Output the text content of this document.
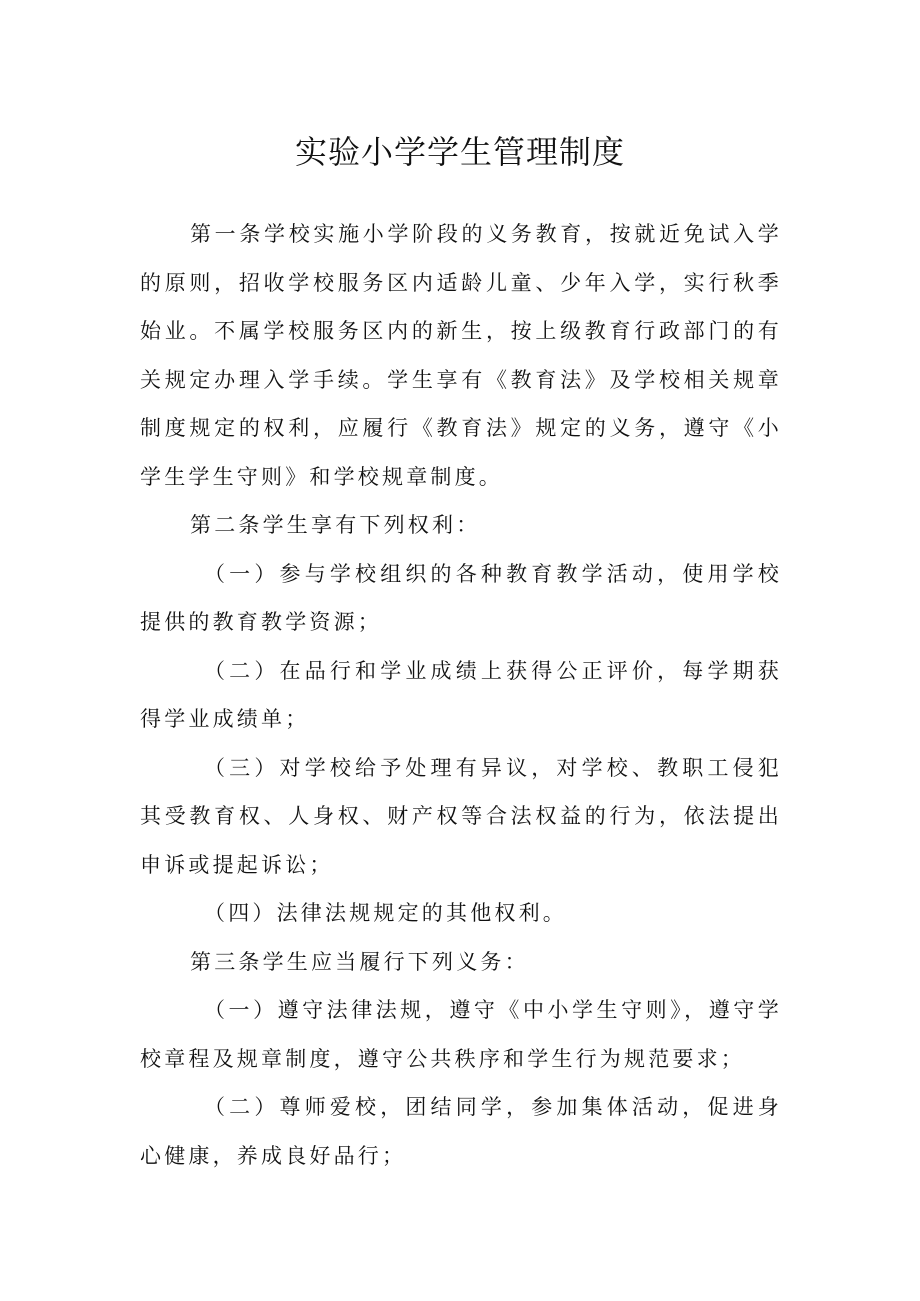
实验小学学生管理制度

第一条学校实施小学阶段的义务教育，按就近免试入学的原则，招收学校服务区内适龄儿童、少年入学，实行秋季始业。不属学校服务区内的新生，按上级教育行政部门的有关规定办理入学手续。学生享有《教育法》及学校相关规章制度规定的权利，应履行《教育法》规定的义务，遵守《小学生学生守则》和学校规章制度。

第二条学生享有下列权利：

（一）参与学校组织的各种教育教学活动，使用学校提供的教育教学资源；

（二）在品行和学业成绩上获得公正评价，每学期获得学业成绩单；

（三）对学校给予处理有异议，对学校、教职工侵犯其受教育权、人身权、财产权等合法权益的行为，依法提出申诉或提起诉讼；

（四）法律法规规定的其他权利。

第三条学生应当履行下列义务：

（一）遵守法律法规，遵守《中小学生守则》，遵守学校章程及规章制度，遵守公共秩序和学生行为规范要求；

（二）尊师爱校，团结同学，参加集体活动，促进身心健康，养成良好品行；
